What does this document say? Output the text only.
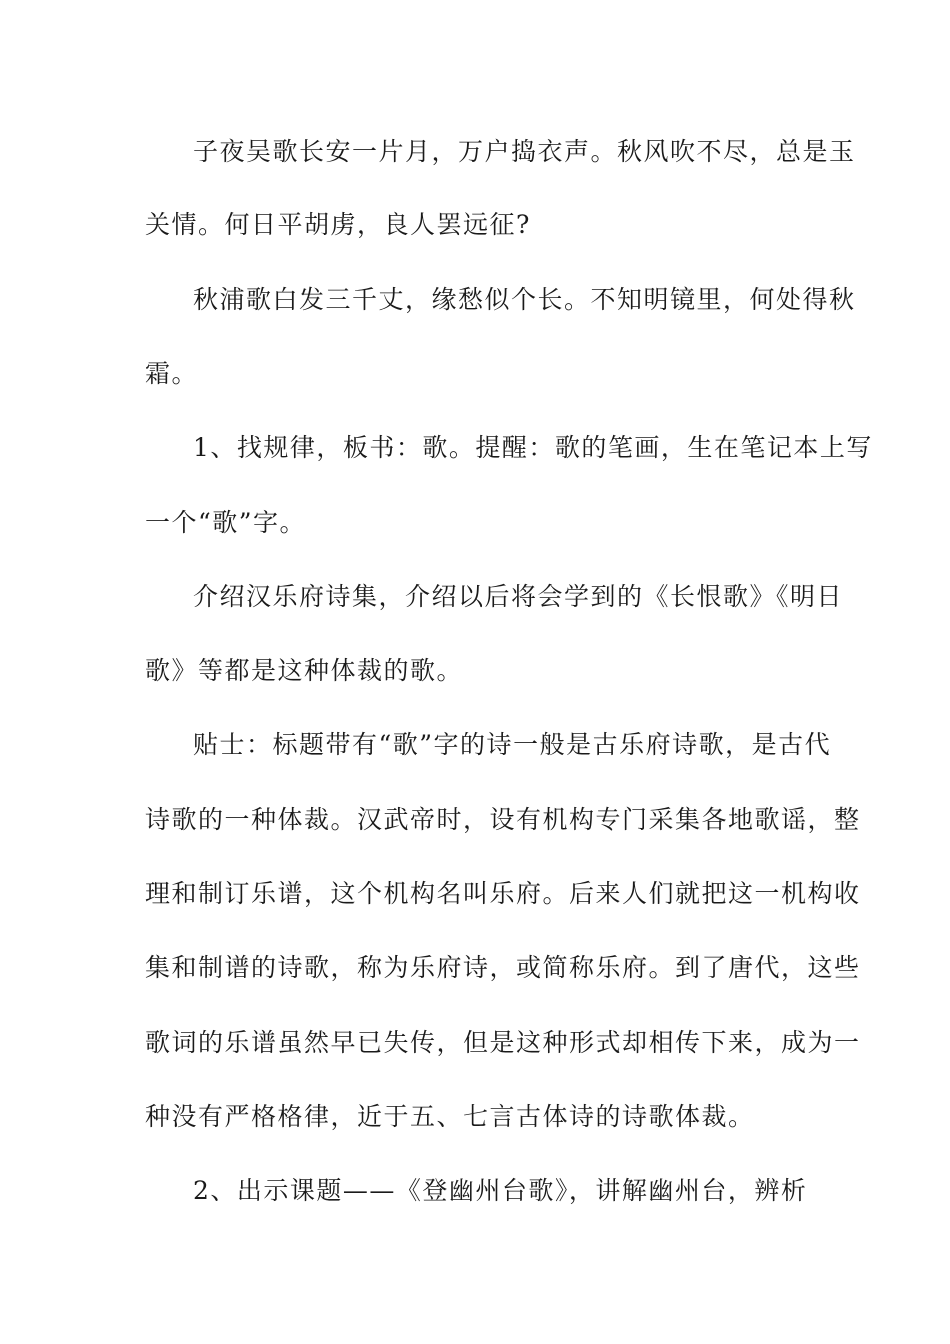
子夜吴歌长安一片月，万户捣衣声。秋风吹不尽，总是玉

关情。何日平胡虏，良人罢远征?

秋浦歌白发三千丈，缘愁似个长。不知明镜里，何处得秋

霜。

1、找规律，板书：歌。提醒：歌的笔画，生在笔记本上写

一个“歌”字。

介绍汉乐府诗集，介绍以后将会学到的《长恨歌》《明日

歌》等都是这种体裁的歌。

贴士：标题带有“歌”字的诗一般是古乐府诗歌，是古代

诗歌的一种体裁。汉武帝时，设有机构专门采集各地歌谣，整

理和制订乐谱，这个机构名叫乐府。后来人们就把这一机构收

集和制谱的诗歌，称为乐府诗，或简称乐府。到了唐代，这些

歌词的乐谱虽然早已失传，但是这种形式却相传下来，成为一

种没有严格格律，近于五、七言古体诗的诗歌体裁。

2、出示课题——《登幽州台歌》，讲解幽州台，辨析
